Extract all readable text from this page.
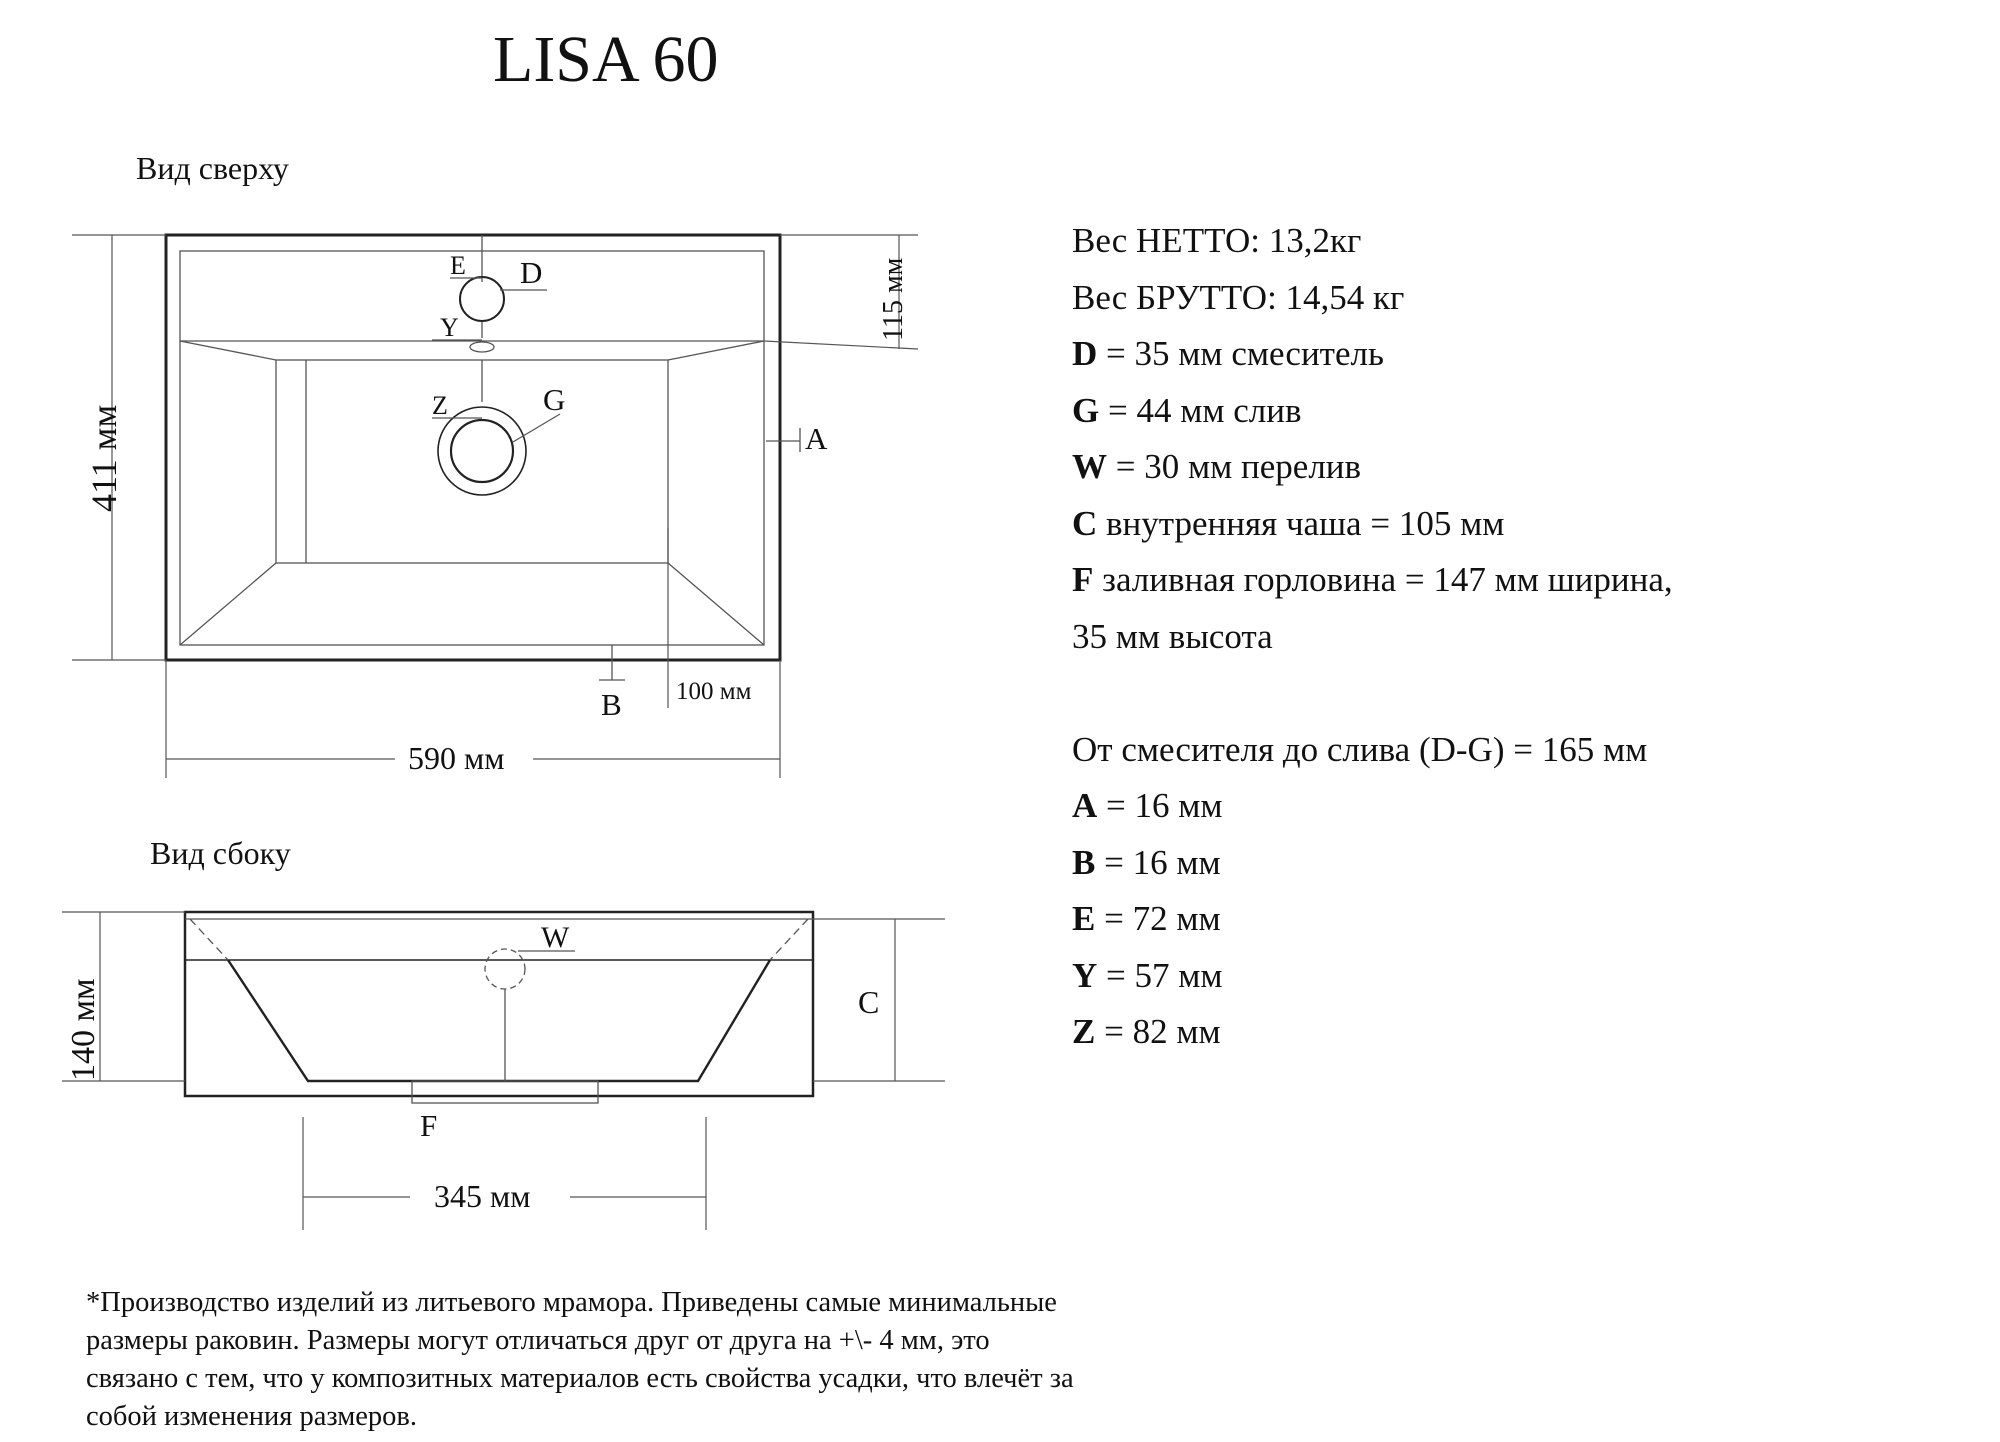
LISA 60
Вид сверху
Вид сбоку
E D
Y
Z	G
A
B 100 мм
590 мм
411 мм
115 мм
W
C
F
345 мм
140 мм
Вес НЕТТО: 13,2кг
Вес БРУТТО: 14,54 кг
D = 35 мм смеситель
G = 44 мм слив
W = 30 мм перелив
C внутренняя чаша = 105 мм
F заливная горловина = 147 мм ширина,
35 мм высота
От смесителя до слива (D-G) = 165 мм
A = 16 мм
B = 16 мм
E = 72 мм
Y = 57 мм
Z = 82 мм
*Производство изделий из литьевого мрамора. Приведены самые минимальные размеры раковин. Размеры могут отличаться друг от друга на +\- 4 мм, это связано с тем, что у композитных материалов есть свойства усадки, что влечёт за собой изменения размеров.
